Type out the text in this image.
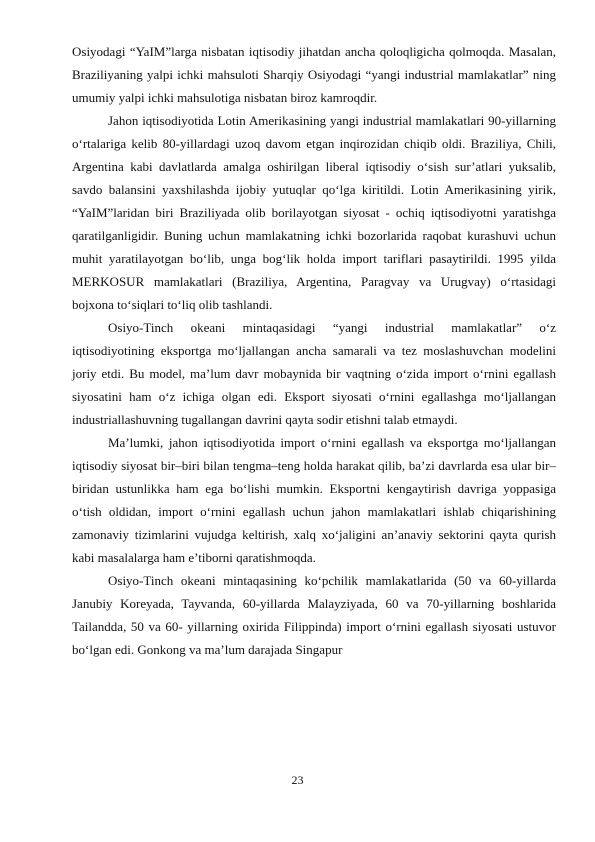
Osiyodagi “YaIM”larga nisbatan iqtisodiy jihatdan ancha qoloqligicha qolmoqda. Masalan, Braziliyaning yalpi ichki mahsuloti Sharqiy Osiyodagi “yangi industrial mamlakatlar” ning umumiy yalpi ichki mahsulotiga nisbatan biroz kamroqdir.

Jahon iqtisodiyotida Lotin Amerikasining yangi industrial mamlakatlari 90-yillarning o‘rtalariga kelib 80-yillardagi uzoq davom etgan inqirozidan chiqib oldi. Braziliya, Chili, Argentina kabi davlatlarda amalga oshirilgan liberal iqtisodiy o‘sish sur’atlari yuksalib, savdo balansini yaxshilashda ijobiy yutuqlar qo‘lga kiritildi. Lotin Amerikasining yirik, “YaIM”laridan biri Braziliyada olib borilayotgan siyosat - ochiq iqtisodiyotni yaratishga qaratilganligidir. Buning uchun mamlakatning ichki bozorlarida raqobat kurashuvi uchun muhit yaratilayotgan bo‘lib, unga bog‘lik holda import tariflari pasaytirildi. 1995 yilda MERKOSUR mamlakatlari (Braziliya, Argentina, Paragvay va Urugvay) o‘rtasidagi bojxona to‘siqlari to‘liq olib tashlandi.

Osiyo-Tinch okeani mintaqasidagi “yangi industrial mamlakatlar” o‘z iqtisodiyotining eksportga mo‘ljallangan ancha samarali va tez moslashuvchan modelini joriy etdi. Bu model, ma’lum davr mobaynida bir vaqtning o‘zida import o‘rnini egallash siyosatini ham o‘z ichiga olgan edi. Eksport siyosati o‘rnini egallashga mo‘ljallangan industriallashuvning tugallangan davrini qayta sodir etishni talab etmaydi.

Ma’lumki, jahon iqtisodiyotida import o‘rnini egallash va eksportga mo‘ljallangan iqtisodiy siyosat bir–biri bilan tengma–teng holda harakat qilib, ba’zi davrlarda esa ular bir–biridan ustunlikka ham ega bo‘lishi mumkin. Eksportni kengaytirish davriga yoppasiga o‘tish oldidan, import o‘rnini egallash uchun jahon mamlakatlari ishlab chiqarishining zamonaviy tizimlarini vujudga keltirish, xalq xo‘jaligini an’anaviy sektorini qayta qurish kabi masalalarga ham e’tiborni qaratishmoqda.

Osiyo-Tinch okeani mintaqasining ko‘pchilik mamlakatlarida (50 va 60-yillarda Janubiy Koreyada, Tayvanda, 60-yillarda Malayziyada, 60 va 70-yillarning boshlarida Tailandda, 50 va 60- yillarning oxirida Filippinda) import o‘rnini egallash siyosati ustuvor bo‘lgan edi. Gonkong va ma’lum darajada Singapur

23
